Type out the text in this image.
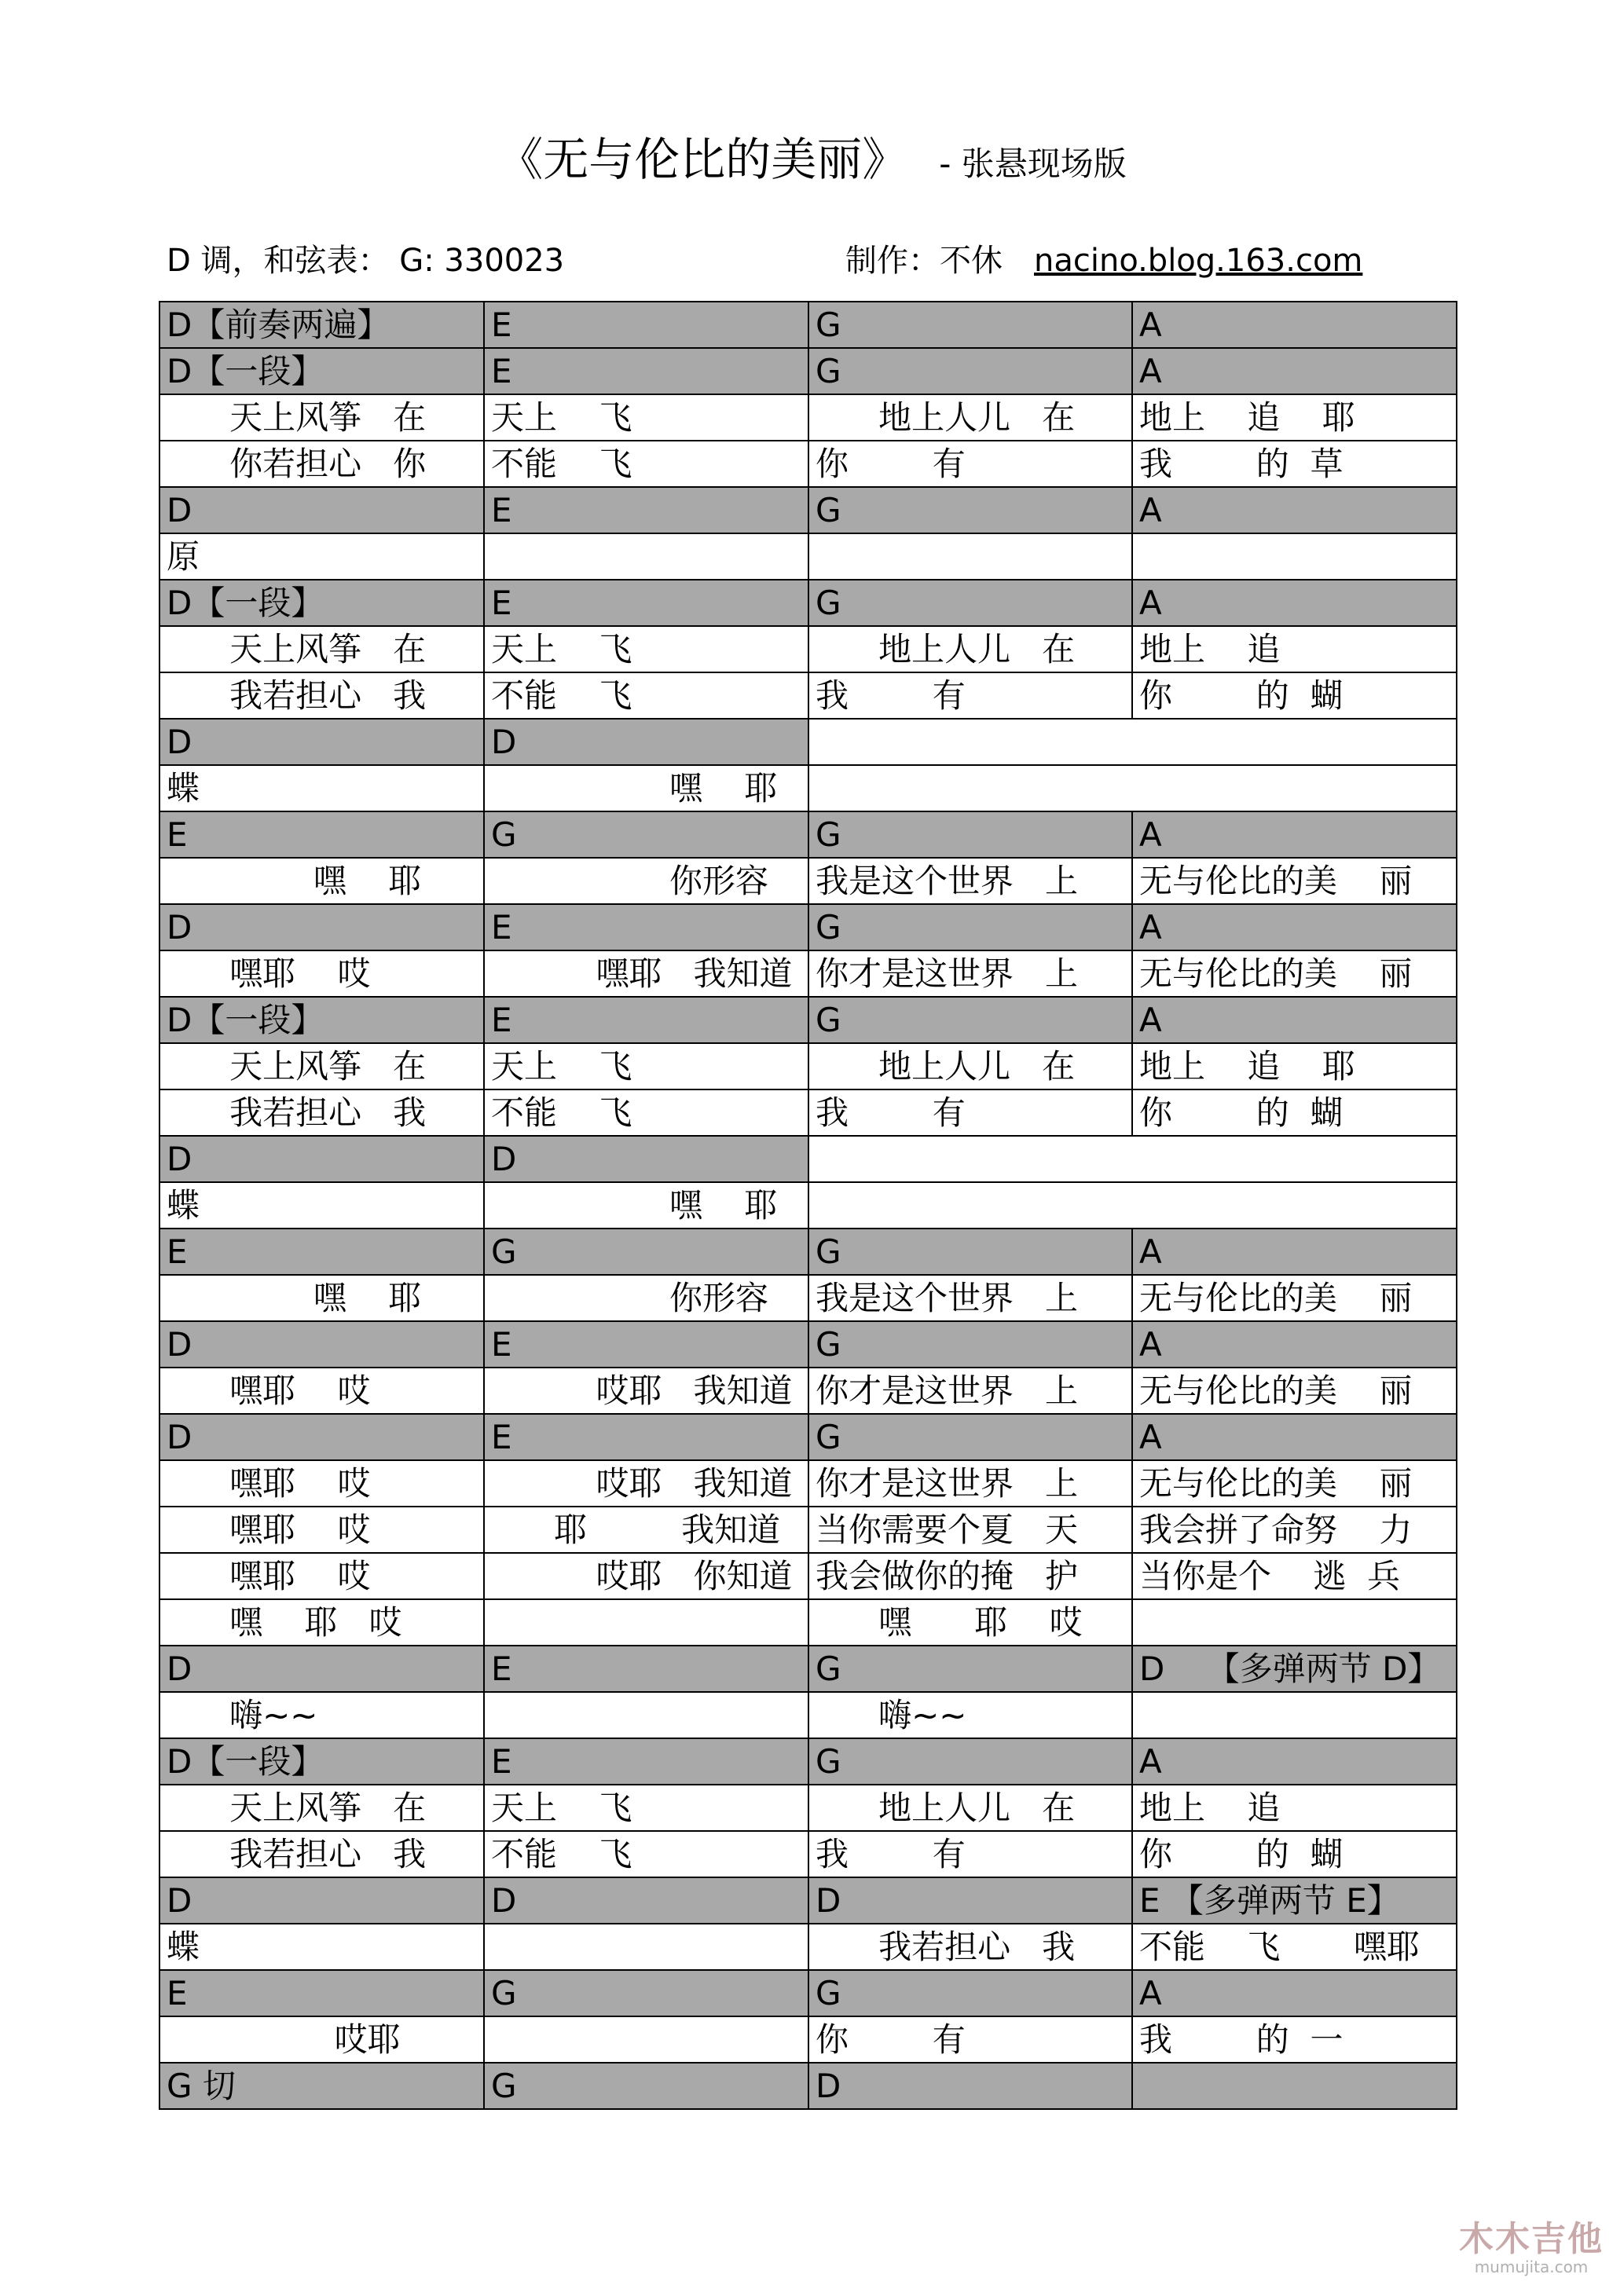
《无与伦比的美丽》 - 张悬现场版
D 调，和弦表： G: 330023	制作：不休 nacino.blog.163.com
D【前奏两遍】	E	G	A
D【一段】	E	G	A
天上风筝   在	天上    飞	地上人儿   在	地上    追    耶
你若担心   你	不能    飞	你        有	我        的  草
D	E	G	A
原			
D【一段】	E	G	A
天上风筝   在	天上    飞	地上人儿   在	地上    追
我若担心   我	不能    飞	我        有	你        的  蝴
D	D		
蝶	嘿    耶		
E	G	G	A
嘿    耶	你形容	我是这个世界   上	无与伦比的美    丽
D	E	G	A
嘿耶    哎	嘿耶   我知道	你才是这世界   上	无与伦比的美    丽
D【一段】	E	G	A
天上风筝   在	天上    飞	地上人儿   在	地上    追    耶
我若担心   我	不能    飞	我        有	你        的  蝴
D	D		
蝶	嘿    耶		
E	G	G	A
嘿    耶	你形容	我是这个世界   上	无与伦比的美    丽
D	E	G	A
嘿耶    哎	哎耶   我知道	你才是这世界   上	无与伦比的美    丽
D	E	G	A
嘿耶    哎	哎耶   我知道	你才是这世界   上	无与伦比的美    丽
嘿耶    哎	耶         我知道	当你需要个夏   天	我会拼了命努    力
嘿耶    哎	哎耶   你知道	我会做你的掩   护	当你是个    逃  兵
嘿    耶   哎		嘿      耶    哎	
D	E	G	D    【多弹两节 D】
嗨~~		嗨~~	
D【一段】	E	G	A
天上风筝   在	天上    飞	地上人儿   在	地上    追
我若担心   我	不能    飞	我        有	你        的  蝴
D	D	D	E 【多弹两节 E】
蝶		我若担心   我	不能    飞       嘿耶
E	G	G	A
哎耶		你        有	我        的  一
G 切	G	D	
木木吉他
mumujita.com
